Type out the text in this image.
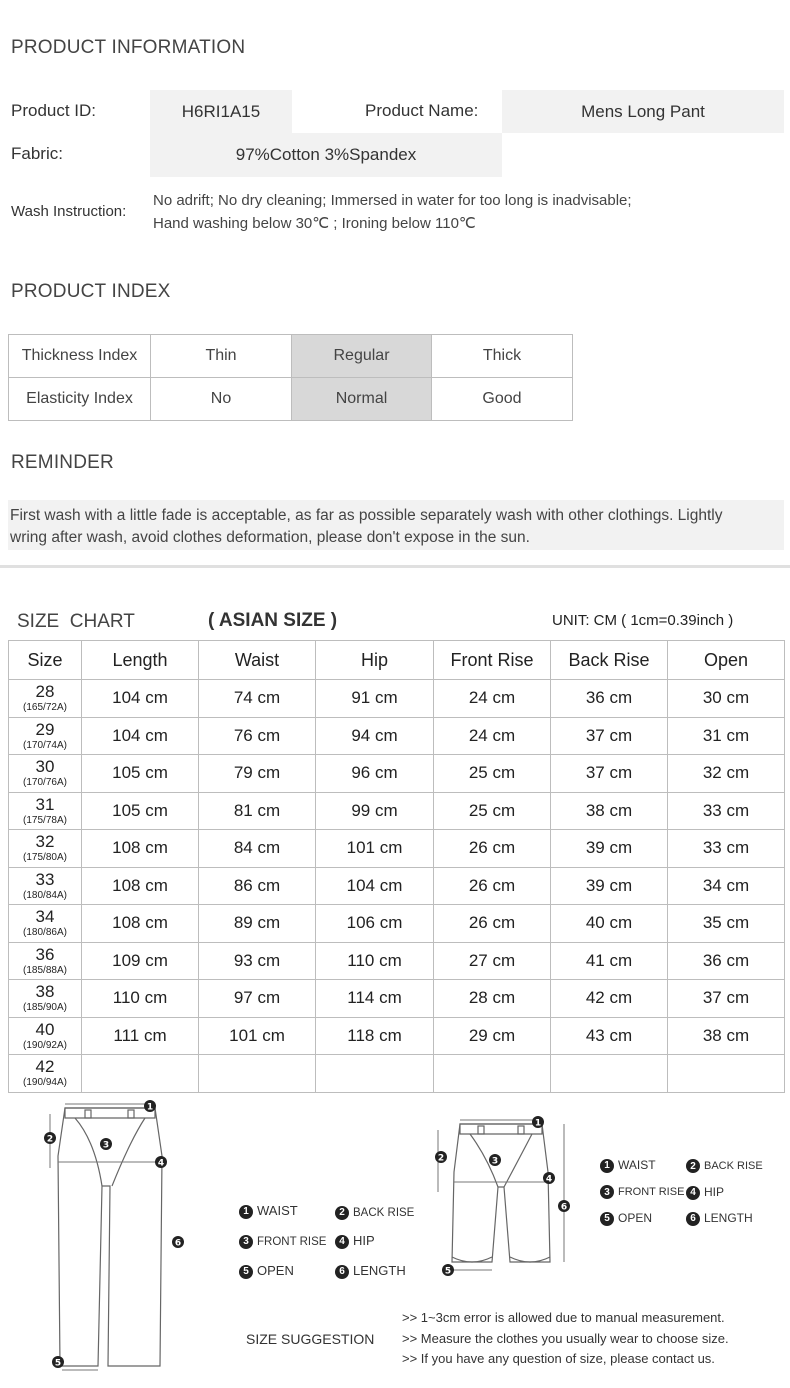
PRODUCT INFORMATION
Product ID:	H6RI1A15	Product Name:	Mens Long Pant
Fabric:	97%Cotton 3%Spandex
Wash Instruction:
No adrift; No dry cleaning; Immersed in water for too long is inadvisable;
Hand washing below 30℃ ; Ironing below 110℃
PRODUCT INDEX
Thickness Index	Thin	Regular	Thick
Elasticity Index	No	Normal	Good
REMINDER
First wash with a little fade is acceptable, as far as possible separately wash with other clothings. Lightly
wring after wash, avoid clothes deformation, please don't expose in the sun.
SIZE  CHART	( ASIAN SIZE )	UNIT: CM ( 1cm=0.39inch )
Size	Length	Waist	Hip	Front Rise	Back Rise	Open

28
(165/72A)	104 cm	74 cm	91 cm	24 cm	36 cm	30 cm

29
(170/74A)	104 cm	76 cm	94 cm	24 cm	37 cm	31 cm

30
(170/76A)	105 cm	79 cm	96 cm	25 cm	37 cm	32 cm

31
(175/78A)	105 cm	81 cm	99 cm	25 cm	38 cm	33 cm

32
(175/80A)	108 cm	84 cm	101 cm	26 cm	39 cm	33 cm

33
(180/84A)	108 cm	86 cm	104 cm	26 cm	39 cm	34 cm

34
(180/86A)	108 cm	89 cm	106 cm	26 cm	40 cm	35 cm

36
(185/88A)	109 cm	93 cm	110 cm	27 cm	41 cm	36 cm

38
(185/90A)	110 cm	97 cm	114 cm	28 cm	42 cm	37 cm

40
(190/92A)	111 cm	101 cm	118 cm	29 cm	43 cm	38 cm

42
(190/94A)						

1
2
3
4
5
6
1 WAIST	2 BACK RISE
3 FRONT RISE	4 HIP
5 OPEN	6 LENGTH
1
2	3
4
5
6
1 WAIST	2 BACK RISE
3 FRONT RISE 4 HIP
5 OPEN	6 LENGTH
SIZE SUGGESTION
>> 1~3cm error is allowed due to manual measurement.
>> Measure the clothes you usually wear to choose size.
>> If you have any question of size, please contact us.
